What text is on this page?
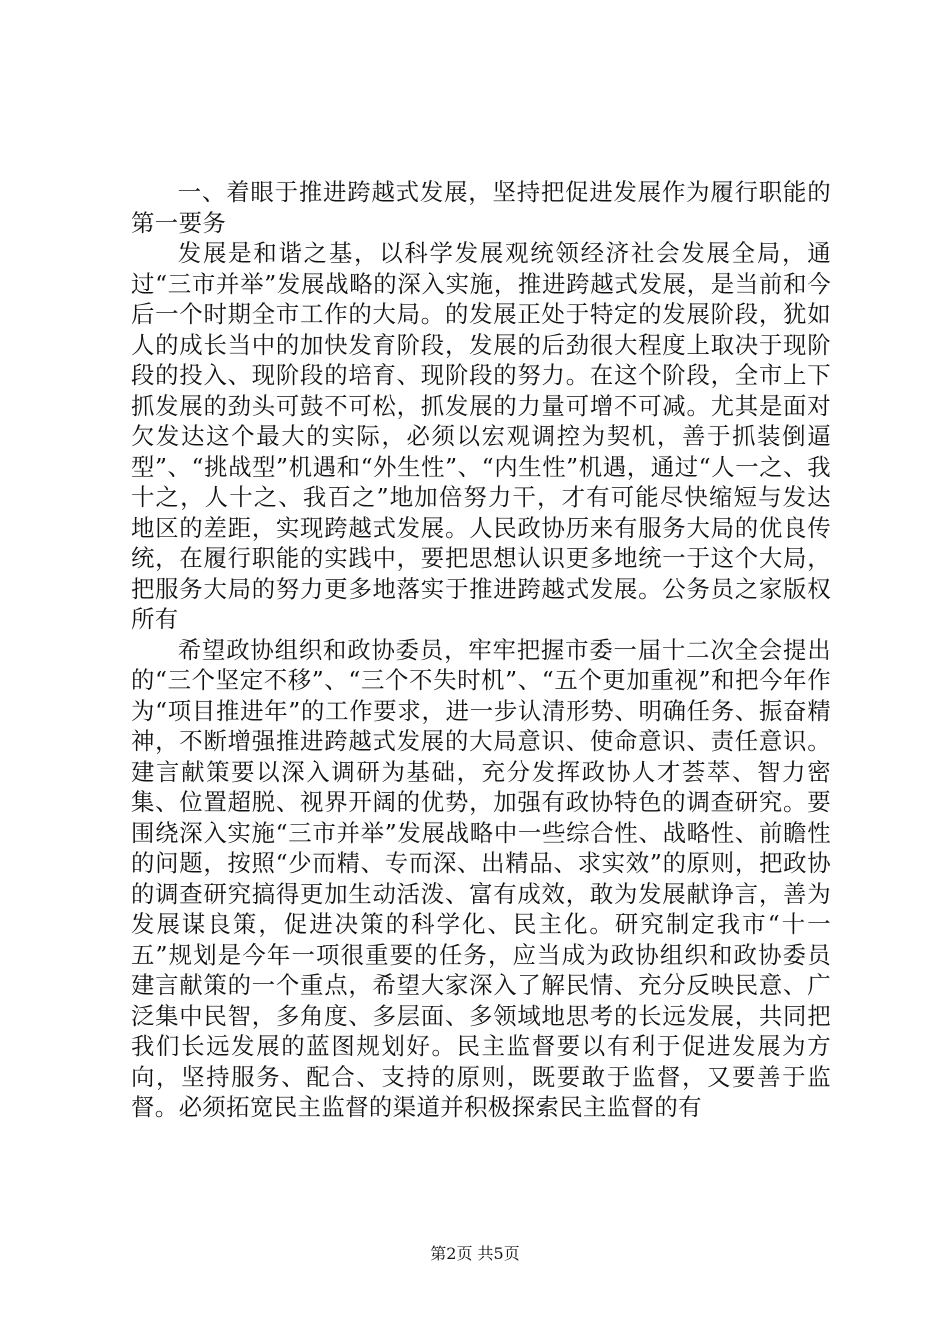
一、着眼于推进跨越式发展，坚持把促进发展作为履行职能的第一要务

发展是和谐之基，以科学发展观统领经济社会发展全局，通过“三市并举”发展战略的深入实施，推进跨越式发展，是当前和今后一个时期全市工作的大局。的发展正处于特定的发展阶段，犹如人的成长当中的加快发育阶段，发展的后劲很大程度上取决于现阶段的投入、现阶段的培育、现阶段的努力。在这个阶段，全市上下抓发展的劲头可鼓不可松，抓发展的力量可增不可减。尤其是面对欠发达这个最大的实际，必须以宏观调控为契机，善于抓装倒逼型”、“挑战型”机遇和“外生性”、“内生性”机遇，通过“人一之、我十之，人十之、我百之”地加倍努力干，才有可能尽快缩短与发达地区的差距，实现跨越式发展。人民政协历来有服务大局的优良传统，在履行职能的实践中，要把思想认识更多地统一于这个大局，把服务大局的努力更多地落实于推进跨越式发展。公务员之家版权所有

希望政协组织和政协委员，牢牢把握市委一届十二次全会提出的“三个坚定不移”、“三个不失时机”、“五个更加重视”和把今年作为“项目推进年”的工作要求，进一步认清形势、明确任务、振奋精神，不断增强推进跨越式发展的大局意识、使命意识、责任意识。建言献策要以深入调研为基础，充分发挥政协人才荟萃、智力密集、位置超脱、视界开阔的优势，加强有政协特色的调查研究。要围绕深入实施“三市并举”发展战略中一些综合性、战略性、前瞻性的问题，按照“少而精、专而深、出精品、求实效”的原则，把政协的调查研究搞得更加生动活泼、富有成效，敢为发展献诤言，善为发展谋良策，促进决策的科学化、民主化。研究制定我市“十一五”规划是今年一项很重要的任务，应当成为政协组织和政协委员建言献策的一个重点，希望大家深入了解民情、充分反映民意、广泛集中民智，多角度、多层面、多领域地思考的长远发展，共同把我们长远发展的蓝图规划好。民主监督要以有利于促进发展为方向，坚持服务、配合、支持的原则，既要敢于监督，又要善于监督。必须拓宽民主监督的渠道并积极探索民主监督的有

第2页 共5页
